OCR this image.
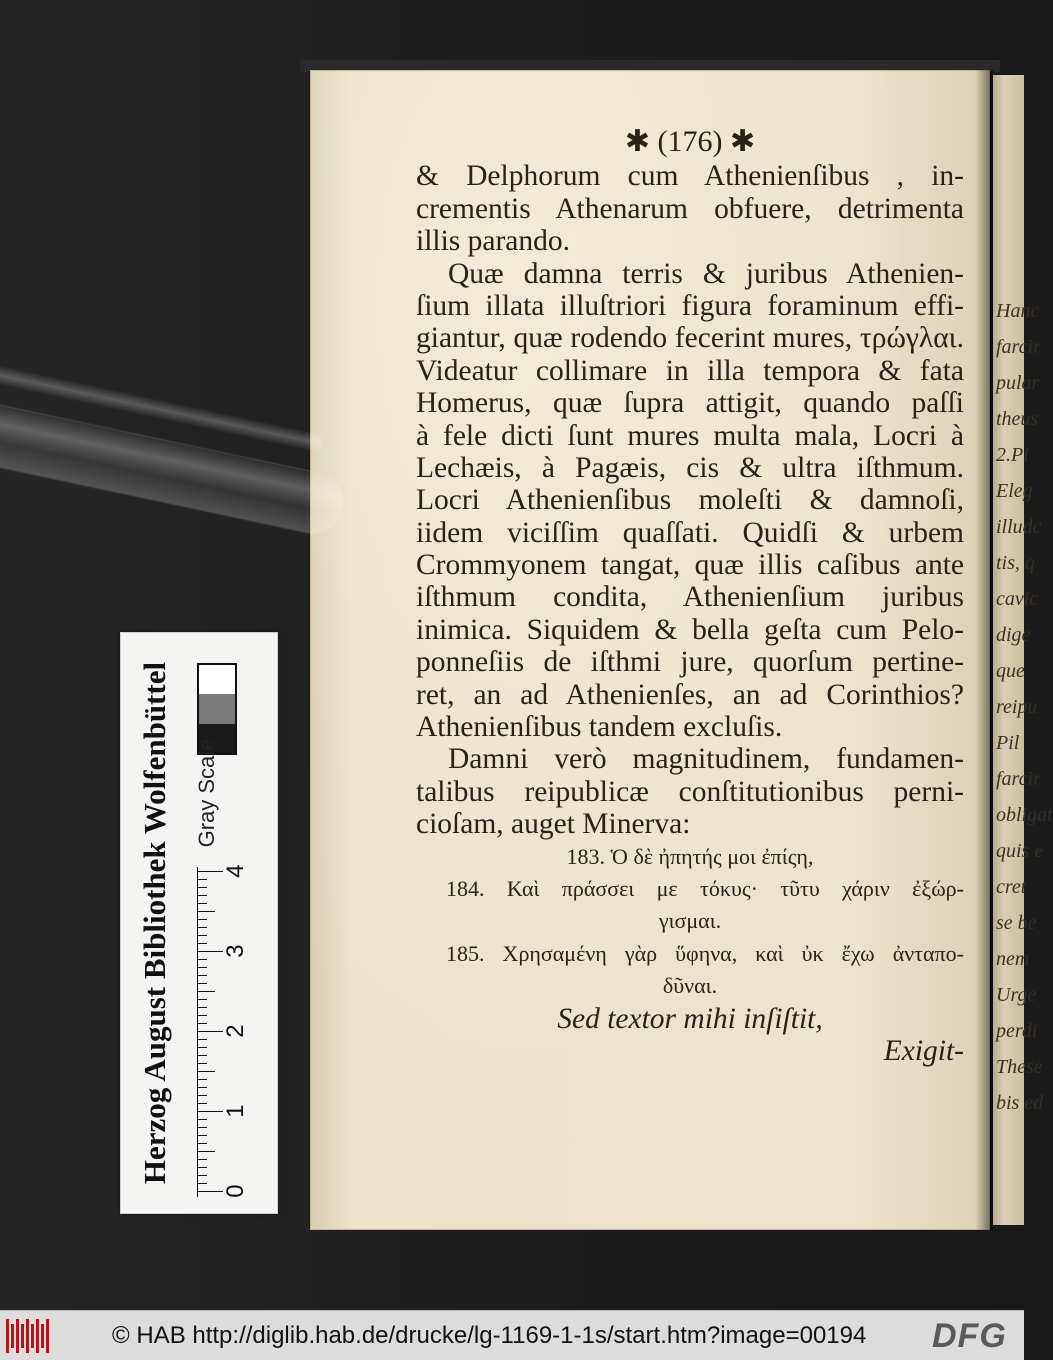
Hanc
farcir
pular
theus
2.Pi
Eleg
illudc
tis, q
cavic
dige
que
reipu
Pil
farcir
obligat
quis e
cret
se be
nem
Urge
perdi
These
bis ed
✱ (176) ✱
& Delphorum cum Athenienſibus , in-
crementis Athenarum obfuere, detrimenta
illis parando.
Quæ damna terris & juribus Athenien-
ſium illata illuſtriori figura foraminum effi-
giantur, quæ rodendo fecerint mures, τρώγλαι.
Videatur collimare in illa tempora & fata
Homerus, quæ ſupra attigit, quando paſſi
à fele dicti ſunt mures multa mala, Locri à
Lechæis, à Pagæis, cis & ultra iſthmum.
Locri Athenienſibus moleſti & damnoſi,
iidem viciſſim quaſſati. Quidſi & urbem
Crommyonem tangat, quæ illis caſibus ante
iſthmum condita, Athenienſium juribus
inimica. Siquidem & bella geſta cum Pelo-
ponneſiis de iſthmi jure, quorſum pertine-
ret, an ad Athenienſes, an ad Corinthios?
Athenienſibus tandem excluſis.
Damni verò magnitudinem, fundamen-
talibus reipublicæ conſtitutionibus perni-
cioſam, auget Minerva:
183. Ὁ δὲ ἠπητής μοι ἐπίςη,
184. Καὶ πράσσει με τόκυς· τῦτυ χάριν ἐξώρ-
γισμαι.
185. Χρησαμένη γὰρ ὕφηνα, καὶ ὐκ ἔχω ἀνταπο-
δῦναι.
Sed textor mihi inſiſtit,
Exigit-
Herzog August Bibliothek Wolfenbüttel Gray Scale
0
1
2
3
4
© HAB http://diglib.hab.de/drucke/lg-1169-1-1s/start.htm?image=00194 DFG
